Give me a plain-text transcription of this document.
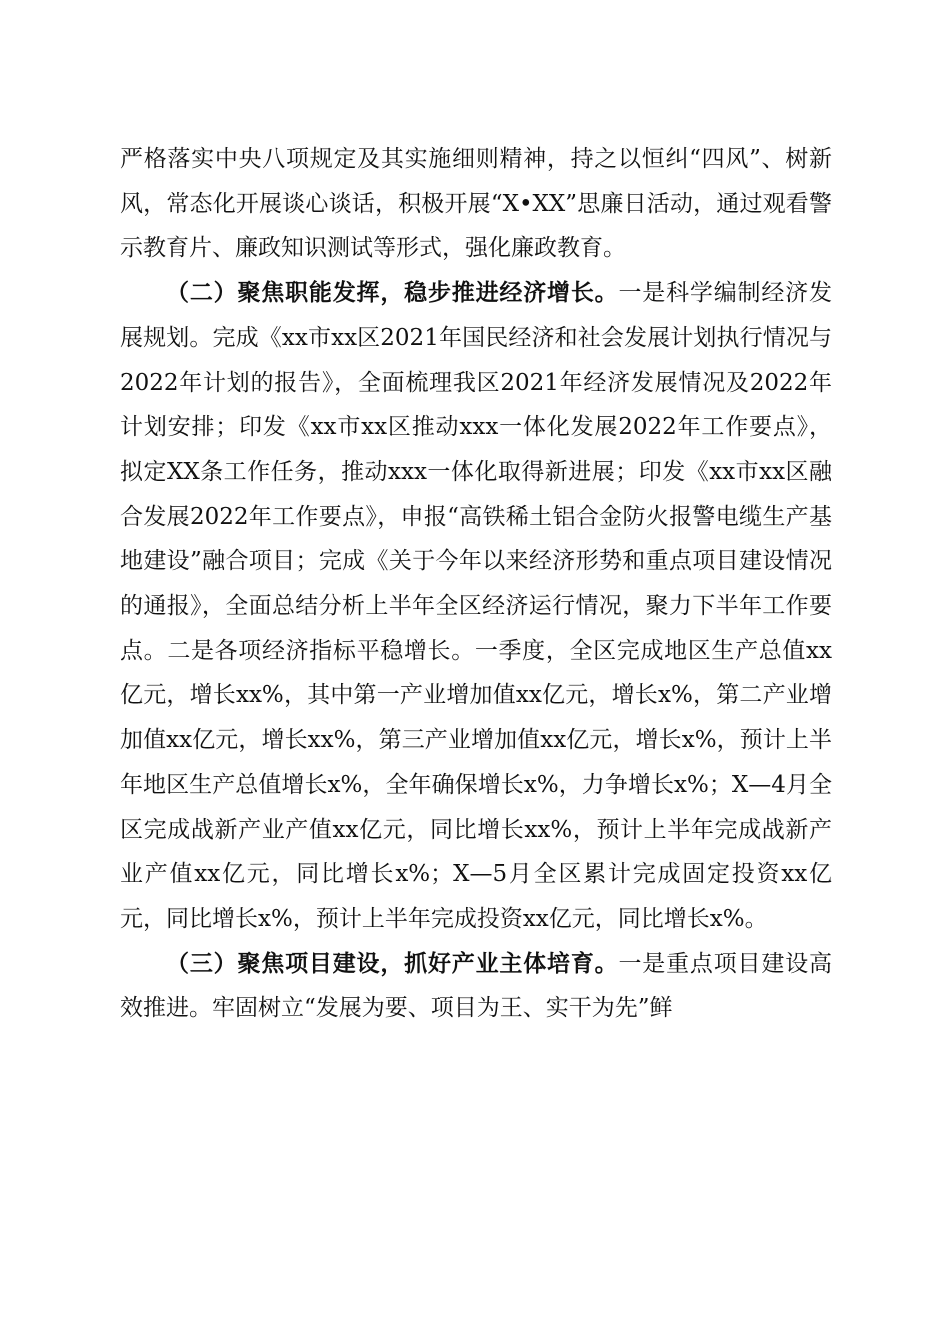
严格落实中央八项规定及其实施细则精神，持之以恒纠“四风”、树新风，常态化开展谈心谈话，积极开展“X•XX”思廉日活动，通过观看警示教育片、廉政知识测试等形式，强化廉政教育。

（二）聚焦职能发挥，稳步推进经济增长。一是科学编制经济发展规划。完成《xx市xx区2021年国民经济和社会发展计划执行情况与2022年计划的报告》，全面梳理我区2021年经济发展情况及2022年计划安排；印发《xx市xx区推动xxx一体化发展2022年工作要点》，拟定XX条工作任务，推动xxx一体化取得新进展；印发《xx市xx区融合发展2022年工作要点》，申报“高铁稀土铝合金防火报警电缆生产基地建设”融合项目；完成《关于今年以来经济形势和重点项目建设情况的通报》，全面总结分析上半年全区经济运行情况，聚力下半年工作要点。二是各项经济指标平稳增长。一季度，全区完成地区生产总值xx亿元，增长xx%，其中第一产业增加值xx亿元，增长x%，第二产业增加值xx亿元，增长xx%，第三产业增加值xx亿元，增长x%，预计上半年地区生产总值增长x%，全年确保增长x%，力争增长x%；X—4月全区完成战新产业产值xx亿元，同比增长xx%，预计上半年完成战新产业产值xx亿元，同比增长x%；X—5月全区累计完成固定投资xx亿元，同比增长x%，预计上半年完成投资xx亿元，同比增长x%。

（三）聚焦项目建设，抓好产业主体培育。一是重点项目建设高效推进。牢固树立“发展为要、项目为王、实干为先”鲜
